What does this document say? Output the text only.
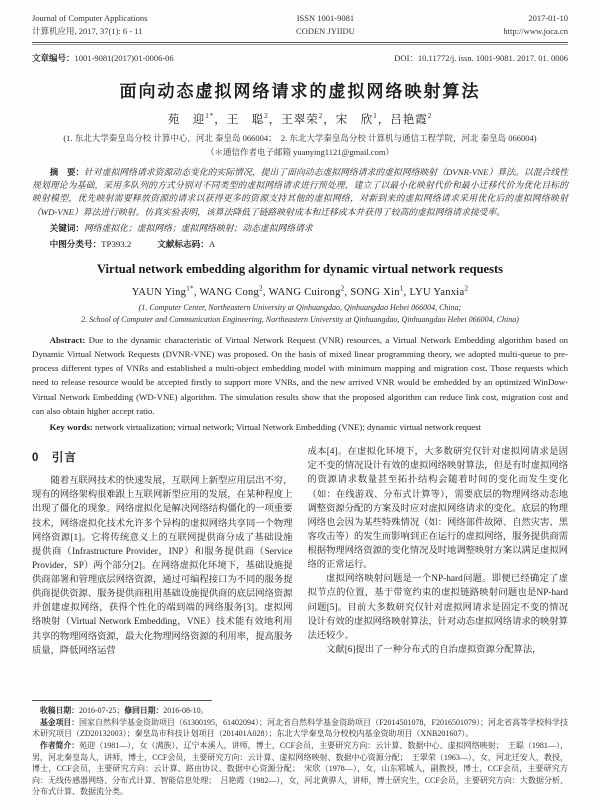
Journal of Computer Applications
计算机应用, 2017, 37(1): 6 - 11
ISSN 1001-9081
CODEN JYIIDU
2017-01-10
http://www.joca.cn
文章编号：1001-9081(2017)01-0006-06	DOI：10.11772/j. issn. 1001-9081. 2017. 01. 0006
面向动态虚拟网络请求的虚拟网络映射算法
苑　迎$^{1*}$，王　聪$^2$，王翠荣$^2$，宋　欣$^1$，吕艳霞$^2$
(1. 东北大学秦皇岛分校 计算中心，河北 秦皇岛 066004；　2. 东北大学秦皇岛分校 计算机与通信工程学院，河北 秦皇岛 066004)
（＊通信作者电子邮箱 yuanying1121@gmail.com）

摘　要：针对虚拟网络请求资源动态变化的实际情况，提出了面向动态虚拟网络请求的虚拟网络映射（DVNR-VNE）算法。以混合线性规划理论为基础，采用多队列的方式分别对不同类型的虚拟网络请求进行预处理，建立了以最小化映射代价和最小迁移代价为优化目标的映射模型，优先映射需要释放资源的请求以获得更多的资源支持其他的虚拟网络，对新到来的虚拟网络请求采用优化后的虚拟网络映射（WD-VNE）算法进行映射。仿真实验表明，该算法降低了链路映射成本和迁移成本并获得了较高的虚拟网络请求接受率。

关键词：网络虚拟化；虚拟网络；虚拟网络映射；动态虚拟网络请求

中图分类号：TP393.2	文献标志码：A

Virtual network embedding algorithm for dynamic virtual network requests
YAUN Ying$^{1*}$, WANG Cong$^2$, WANG Cuirong$^2$, SONG Xin$^1$, LYU Yanxia$^2$
(1. Computer Center, Northeastern University at Qinhuangdao, Qinhuangdao Hebei 066004, China;
2. School of Computer and Communication Engineering, Northeastern University at Qinhuangdao, Qinhuangdao Hebei 066004, China)

Abstract: Due to the dynamic characteristic of Virtual Network Request (VNR) resources, a Virtual Network Embedding algorithm based on Dynamic Virtual Network Requests (DVNR-VNE) was proposed. On the basis of mixed linear programming theory, we adopted multi-queue to pre-process different types of VNRs and established a multi-object embedding model with minimum mapping and migration cost. Those requests which need to release resource would be accepted firstly to support more VNRs, and the new arrived VNR would be embedded by an optimized WinDow-Virtual Network Embedding (WD-VNE) algorithm. The simulation results show that the proposed algorithm can reduce link cost, migration cost and can also obtain higher accept ratio.

Key words: network virtualization; virtual network; Virtual Network Embedding (VNE); dynamic virtual network request

0　引言

随着互联网技术的快速发展，互联网上新型应用层出不穷，现有的网络架构很难跟上互联网新型应用的发展，在某种程度上出现了僵化的现象。网络虚拟化是解决网络结构僵化的一项重要技术，网络虚拟化技术允许多个异构的虚拟网络共享同一个物理网络资源[1]。它将传统意义上的互联网提供商分成了基础设施提供商（Infrastructure Provider，INP）和服务提供商（Service Provider，SP）两个部分[2]。在网络虚拟化环境下，基础设施提供商部署和管理底层网络资源，通过可编程接口为不同的服务提供商提供资源、服务提供商租用基础设施提供商的底层网络资源并创建虚拟网络，获得个性化的端到端的网络服务[3]。虚拟网络映射（Virtual Network Embedding，VNE）技术能有效地利用共享的物理网络资源，最大化物理网络资源的利用率，提高服务质量，降低网络运营

成本[4]。在虚拟化环境下，大多数研究仅针对虚拟网请求是固定不变的情况设计有效的虚拟网络映射算法，但是有时虚拟网络的资源请求数量甚至拓扑结构会随着时间的变化而发生变化（如：在线游戏、分布式计算等），需要底层的物理网络动态地调整资源分配的方案及时应对虚拟网络请求的变化。底层的物理网络也会因为某些特殊情况（如：网络部件故障、自然灾害、黑客攻击等）的发生而影响到正在运行的虚拟网络，服务提供商需根据物理网络资源的变化情况及时地调整映射方案以满足虚拟网络的正常运行。

虚拟网络映射问题是一个NP-hard问题。即便已经确定了虚拟节点的位置，基于带宽约束的虚拟链路映射问题也是NP-hard问题[5]。目前大多数研究仅针对虚拟网请求是固定不变的情况设计有效的虚拟网络映射算法，针对动态虚拟网络请求的映射算法还较少。

文献[6]提出了一种分布式的自治虚拟资源分配算法，

收稿日期：2016-07-25；修回日期：2016-08-10。

基金项目：国家自然科学基金资助项目（61300195，61402094）；河北省自然科学基金资助项目（F2014501078，F2016501079）；河北省高等学校科学技术研究项目（ZD20132003）；秦皇岛市科技计划项目（201401A028）；东北大学秦皇岛分校校内基金资助项目（XNB201607）。

作者简介：苑迎（1981—），女（满族），辽宁本溪人，讲师，博士，CCF会员，主要研究方向：云计算、数据中心、虚拟网络映射；　王聪（1981—），男，河北秦皇岛人，讲师，博士，CCF会员，主要研究方向：云计算、虚拟网络映射、数据中心资源分配；　王翠荣（1963—），女，河北迁安人，教授，博士，CCF会员，主要研究方向：云计算、路由协议、数据中心资源分配；　宋欣（1978—），女，山东郓城人，副教授，博士，CCF会员，主要研究方向：无线传感器网络、分布式计算、智能信息处理；　吕艳霞（1982—），女，河北黄骅人，讲师，博士研究生，CCF会员，主要研究方向：大数据分析、分布式计算、数据流分类。
